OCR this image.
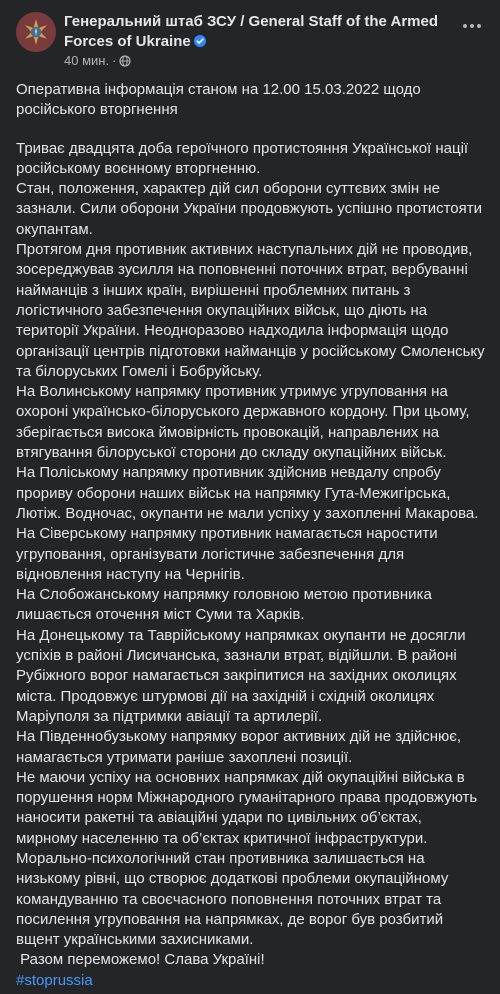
Генеральний штаб ЗСУ / General Staff of the Armed Forces of Ukraine
40 мин. ·

Оперативна інформація станом на 12.00 15.03.2022 щодо російського вторгнення

Триває двадцята доба героїчного протистояння Української нації російському воєнному вторгненню.

Стан, положення, характер дій сил оборони суттєвих змін не зазнали. Сили оборони України продовжують успішно протистояти окупантам.

Протягом дня противник активних наступальних дій не проводив, зосереджував зусилля на поповненні поточних втрат, вербуванні найманців з інших країн, вирішенні проблемних питань з логістичного забезпечення окупаційних військ, що діють на території України. Неодноразово надходила інформація щодо організації центрів підготовки найманців у російському Смоленську та білоруських Гомелі і Бобруйську.

На Волинському напрямку противник утримує угруповання на охороні українсько-білоруського державного кордону. При цьому, зберігається висока ймовірність провокацій, направлених на втягування білоруської сторони до складу окупаційних військ.

На Поліському напрямку противник здійснив невдалу спробу прориву оборони наших військ на напрямку Гута-Межигірська, Лютіж. Водночас, окупанти не мали успіху у захопленні Макарова.

На Сіверському напрямку противник намагається наростити угруповання, організувати логістичне забезпечення для відновлення наступу на Чернігів.

На Слобожанському напрямку головною метою противника лишається оточення міст Суми та Харків.

На Донецькому та Таврійському напрямках окупанти не досягли успіхів в районі Лисичанська, зазнали втрат, відійшли. В районі Рубіжного ворог намагається закріпитися на західних околицях міста. Продовжує штурмові дії на західній і східній околицях Маріуполя за підтримки авіації та артилерії.

На Південнобузькому напрямку ворог активних дій не здійснює, намагається утримати раніше захоплені позиції.

Не маючи успіху на основних напрямках дій окупаційні війська в порушення норм Міжнародного гуманітарного права продовжують наносити ракетні та авіаційні удари по цивільних об’єктах, мирному населенню та об’єктах критичної інфраструктури.

Морально-психологічний стан противника залишається на низькому рівні, що створює додаткові проблеми окупаційному командуванню та своєчасного поповнення поточних втрат та посилення угруповання на напрямках, де ворог був розбитий вщент українськими захисниками.

Разом переможемо! Слава Україні!

#stoprussia
